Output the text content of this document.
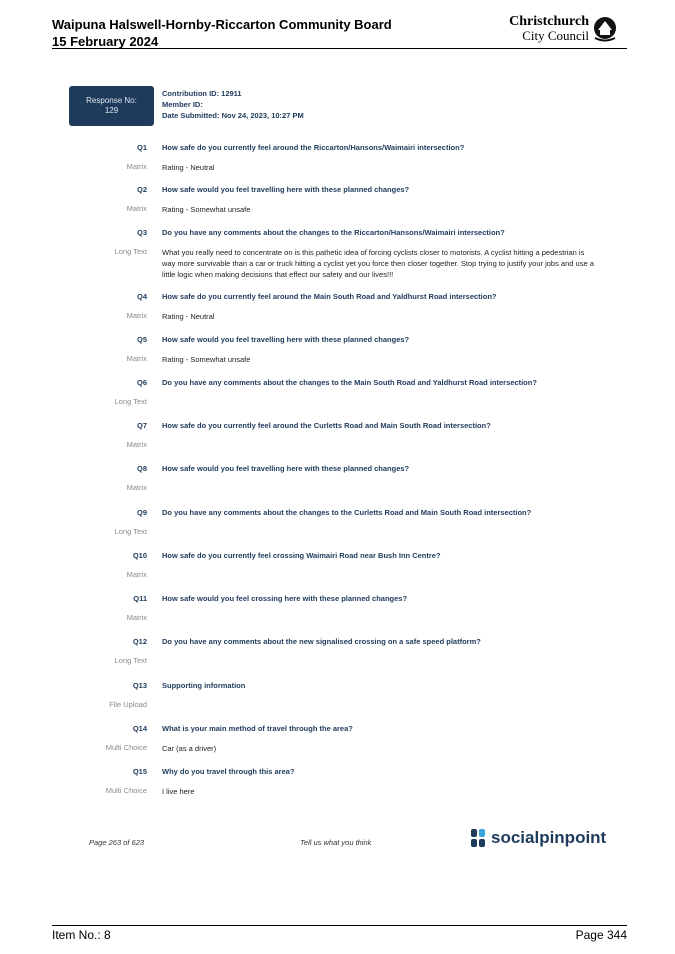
Waipuna Halswell-Hornby-Riccarton Community Board
15 February 2024
Christchurch
City Council
Response No:
129
Contribution ID: 12911
Member ID:
Date Submitted: Nov 24, 2023, 10:27 PM
Q1 How safe do you currently feel around the Riccarton/Hansons/Waimairi intersection?
Matrix Rating - Neutral
Q2 How safe would you feel travelling here with these planned changes?
Matrix Rating - Somewhat unsafe
Q3 Do you have any comments about the changes to the Riccarton/Hansons/Waimairi intersection?
Long Text What you really need to concentrate on is this pathetic idea of forcing cyclists closer to motorists. A cyclist hitting a pedestrian is way more survivable than a car or truck hitting a cyclist yet you force then closer together. Stop trying to justify your jobs and use a little logic when making decisions that effect our safety and our lives!!!
Q4 How safe do you currently feel around the Main South Road and Yaldhurst Road intersection?
Matrix Rating - Neutral
Q5 How safe would you feel travelling here with these planned changes?
Matrix Rating - Somewhat unsafe
Q6 Do you have any comments about the changes to the Main South Road and Yaldhurst Road intersection?
Long Text
Q7 How safe do you currently feel around the Curletts Road and Main South Road intersection?
Matrix
Q8 How safe would you feel travelling here with these planned changes?
Matrix
Q9 Do you have any comments about the changes to the Curletts Road and Main South Road intersection?
Long Text
Q10 How safe do you currently feel crossing Waimairi Road near Bush Inn Centre?
Matrix
Q11 How safe would you feel crossing here with these planned changes?
Matrix
Q12 Do you have any comments about the new signalised crossing on a safe speed platform?
Long Text
Q13 Supporting information
File Upload
Q14 What is your main method of travel through the area?
Multi Choice Car (as a driver)
Q15 Why do you travel through this area?
Multi Choice I live here
Page 263 of 623	Tell us what you think	socialpinpoint
Item No.: 8	Page 344
